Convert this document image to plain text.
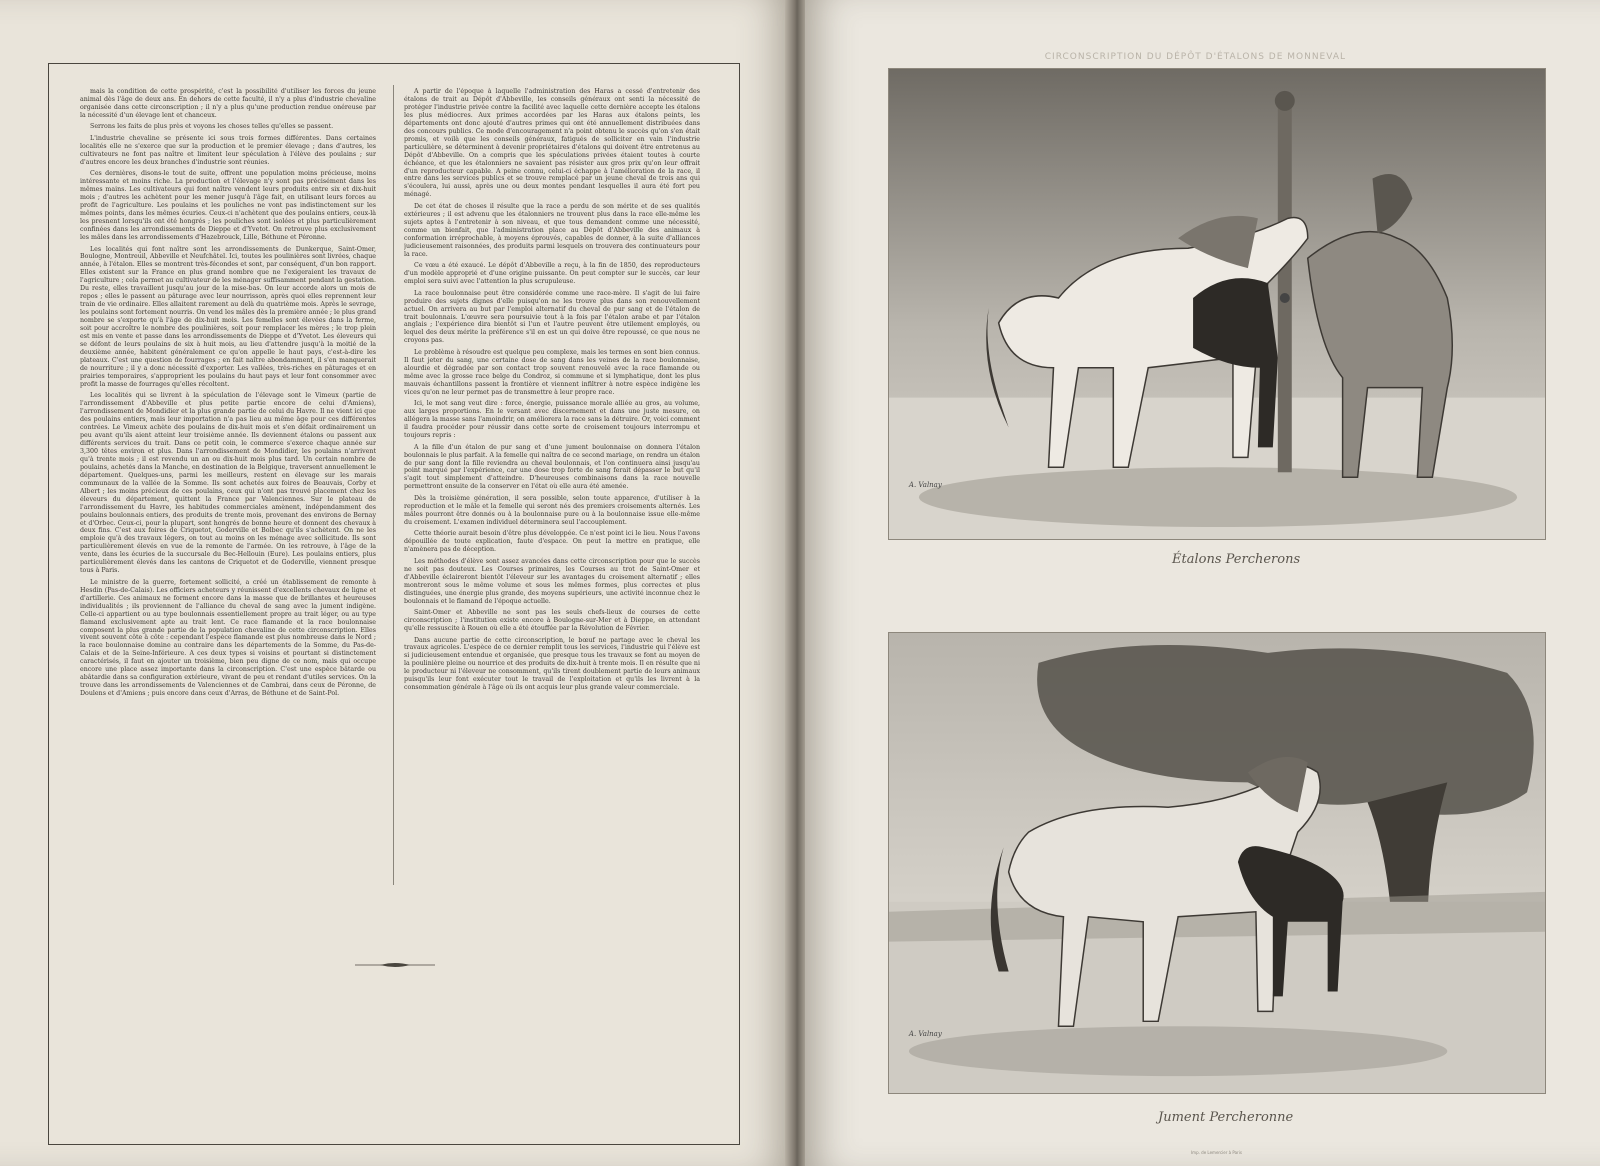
mais la condition de cette prospérité, c'est la possibilité d'utiliser les forces du jeune animal dès l'âge de deux ans. En dehors de cette faculté, il n'y a plus d'industrie chevaline organisée dans cette circonscription ; il n'y a plus qu'une production rendue onéreuse par la nécessité d'un élevage lent et chanceux.

Serrons les faits de plus près et voyons les choses telles qu'elles se passent.

L'industrie chevaline se présente ici sous trois formes différentes. Dans certaines localités elle ne s'exerce que sur la production et le premier élevage ; dans d'autres, les cultivateurs ne font pas naître et limitent leur spéculation à l'élève des poulains ; sur d'autres encore les deux branches d'industrie sont réunies.

Ces dernières, disons-le tout de suite, offrent une population moins précieuse, moins intéressante et moins riche. La production et l'élevage n'y sont pas précisément dans les mêmes mains. Les cultivateurs qui font naître vendent leurs produits entre six et dix-huit mois ; d'autres les achètent pour les mener jusqu'à l'âge fait, en utilisant leurs forces au profit de l'agriculture. Les poulains et les pouliches ne vont pas indistinctement sur les mêmes points, dans les mêmes écuries. Ceux-ci n'achètent que des poulains entiers, ceux-là les presnent lorsqu'ils ont été hongrés ; les pouliches sont isolées et plus particulièrement confinées dans les arrondissements de Dieppe et d'Yvetot. On retrouve plus exclusivement les mâles dans les arrondissements d'Hazebrouck, Lille, Béthune et Péronne.

Les localités qui font naître sont les arrondissements de Dunkerque, Saint-Omer, Boulogne, Montreuil, Abbeville et Neufchâtel. Ici, toutes les poulinières sont livrées, chaque année, à l'étalon. Elles se montrent très-fécondes et sont, par conséquent, d'un bon rapport. Elles existent sur la France en plus grand nombre que ne l'exigeraient les travaux de l'agriculture ; cela permet au cultivateur de les ménager suffisamment pendant la gestation. Du reste, elles travaillent jusqu'au jour de la mise-bas. On leur accorde alors un mois de repos ; elles le passent au pâturage avec leur nourrisson, après quoi elles reprennent leur train de vie ordinaire. Elles allaitent rarement au delà du quatrième mois. Après le sevrage, les poulains sont fortement nourris. On vend les mâles dès la première année ; le plus grand nombre se s'exporte qu'à l'âge de dix-huit mois. Les femelles sont élevées dans la ferme, soit pour accroître le nombre des poulinières, soit pour remplacer les mères ; le trop plein est mis en vente et passe dans les arrondissements de Dieppe et d'Yvetot. Les éleveurs qui se défont de leurs poulains de six à huit mois, au lieu d'attendre jusqu'à la moitié de la deuxième année, habitent généralement ce qu'on appelle le haut pays, c'est-à-dire les plateaux. C'est une question de fourrages ; en fait naître abondamment, il s'en manquerait de nourriture ; il y a donc nécessité d'exporter. Les vallées, très-riches en pâturages et en prairies temporaires, s'approprient les poulains du haut pays et leur font consommer avec profit la masse de fourrages qu'elles récoltent.

Les localités qui se livrent à la spéculation de l'élevage sont le Vimeux (partie de l'arrondissement d'Abbeville et plus petite partie encore de celui d'Amiens), l'arrondissement de Mondidier et la plus grande partie de celui du Havre. Il ne vient ici que des poulains entiers, mais leur importation n'a pas lieu au même âge pour ces différentes contrées. Le Vimeux achète des poulains de dix-huit mois et s'en défait ordinairement un peu avant qu'ils aient atteint leur troisième année. Ils deviennent étalons ou passent aux différents services du trait. Dans ce petit coin, le commerce s'exerce chaque année sur 3,300 têtes environ et plus. Dans l'arrondissement de Mondidier, les poulains n'arrivent qu'à trente mois ; il est revendu un an ou dix-huit mois plus tard. Un certain nombre de poulains, achetés dans la Manche, en destination de la Belgique, traversent annuellement le département. Quelques-uns, parmi les meilleurs, restent en élevage sur les marais communaux de la vallée de la Somme. Ils sont achetés aux foires de Beauvais, Corby et Albert ; les moins précieux de ces poulains, ceux qui n'ont pas trouvé placement chez les éleveurs du département, quittent la France par Valenciennes. Sur le plateau de l'arrondissement du Havre, les habitudes commerciales amènent, indépendamment des poulains boulonnais entiers, des produits de trente mois, provenant des environs de Bernay et d'Orbec. Ceux-ci, pour la plupart, sont hongrés de bonne heure et donnent des chevaux à deux fins. C'est aux foires de Criquetot, Goderville et Bolbec qu'ils s'achètent. On ne les emploie qu'à des travaux légers, on tout au moins on les ménage avec sollicitude. Ils sont particulièrement élevés en vue de la remonte de l'armée. On les retrouve, à l'âge de la vente, dans les écuries de la succursale du Bec-Hellouin (Eure). Les poulains entiers, plus particulièrement élevés dans les cantons de Criquetot et de Goderville, viennent presque tous à Paris.

Le ministre de la guerre, fortement sollicité, a créé un établissement de remonte à Hesdin (Pas-de-Calais). Les officiers acheteurs y réunissent d'excellents chevaux de ligne et d'artillerie. Ces animaux ne forment encore dans la masse que de brillantes et heureuses individualités ; ils proviennent de l'alliance du cheval de sang avec la jument indigène. Celle-ci appartient ou au type boulonnais essentiellement propre au trait léger, ou au type flamand exclusivement apte au trait lent. Ce race flamande et la race boulonnaise composent la plus grande partie de la population chevaline de cette circonscription. Elles vivent souvent côte à côte : cependant l'espèce flamande est plus nombreuse dans le Nord ; la race boulonnaise domine au contraire dans les départements de la Somme, du Pas-de-Calais et de la Seine-Inférieure. A ces deux types si voisins et pourtant si distinctement caractérisés, il faut en ajouter un troisième, bien peu digne de ce nom, mais qui occupe encore une place assez importante dans la circonscription. C'est une espèce bâtarde ou abâtardie dans sa configuration extérieure, vivant de peu et rendant d'utiles services. On la trouve dans les arrondissements de Valenciennes et de Cambrai, dans ceux de Péronne, de Doulens et d'Amiens ; puis encore dans ceux d'Arras, de Béthune et de Saint-Pol.

A partir de l'époque à laquelle l'administration des Haras a cessé d'entretenir des étalons de trait au Dépôt d'Abbeville, les conseils généraux ont senti la nécessité de protéger l'industrie privée contre la facilité avec laquelle cette dernière accepte les étalons les plus médiocres. Aux primes accordées par les Haras aux étalons peints, les départements ont donc ajouté d'autres primes qui ont été annuellement distribuées dans des concours publics. Ce mode d'encouragement n'a point obtenu le succès qu'on s'en était promis, et voilà que les conseils généraux, fatigués de solliciter en vain l'industrie particulière, se déterminent à devenir propriétaires d'étalons qui doivent être entretenus au Dépôt d'Abbeville. On a compris que les spéculations privées étaient toutes à courte échéance, et que les étalonniers ne savaient pas résister aux gros prix qu'on leur offrait d'un reproducteur capable. A peine connu, celui-ci échappe à l'amélioration de la race, il entre dans les services publics et se trouve remplacé par un jeune cheval de trois ans qui s'écoulera, lui aussi, après une ou deux montes pendant lesquelles il aura été fort peu ménagé.

De cet état de choses il résulte que la race a perdu de son mérite et de ses qualités extérieures ; il est advenu que les étalonniers ne trouvent plus dans la race elle-même les sujets aptes à l'entretenir à son niveau, et que tous demandent comme une nécessité, comme un bienfait, que l'administration place au Dépôt d'Abbeville des animaux à conformation irréprochable, à moyens éprouvés, capables de donner, à la suite d'alliances judicieusement raisonnées, des produits parmi lesquels on trouvera des continuateurs pour la race.

Ce vœu a été exaucé. Le dépôt d'Abbeville a reçu, à la fin de 1850, des reproducteurs d'un modèle approprié et d'une origine puissante. On peut compter sur le succès, car leur emploi sera suivi avec l'attention la plus scrupuleuse.

La race boulonnaise peut être considérée comme une race-mère. Il s'agit de lui faire produire des sujets dignes d'elle puisqu'on ne les trouve plus dans son renouvellement actuel. On arrivera au but par l'emploi alternatif du cheval de pur sang et de l'étalon de trait boulonnais. L'œuvre sera poursuivie tout à la fois par l'étalon arabe et par l'étalon anglais ; l'expérience dira bientôt si l'un et l'autre peuvent être utilement employés, ou lequel des deux mérite la préférence s'il en est un qui doive être repoussé, ce que nous ne croyons pas.

Le problème à résoudre est quelque peu complexe, mais les termes en sont bien connus. Il faut jeter du sang, une certaine dose de sang dans les veines de la race boulonnaise, alourdie et dégradée par son contact trop souvent renouvelé avec la race flamande ou même avec la grosse race belge du Condroz, si commune et si lymphatique, dont les plus mauvais échantillons passent la frontière et viennent infiltrer à notre espèce indigène les vices qu'on ne leur permet pas de transmettre à leur propre race.

Ici, le mot sang veut dire : force, énergie, puissance morale alliée au gros, au volume, aux larges proportions. En le versant avec discernement et dans une juste mesure, on allégera la masse sans l'amoindrir, on améliorera la race sans la détruire. Or, voici comment il faudra procéder pour réussir dans cette sorte de croisement toujours interrompu et toujours repris :

A la fille d'un étalon de pur sang et d'une jument boulonnaise on donnera l'étalon boulonnais le plus parfait. A la femelle qui naîtra de ce second mariage, on rendra un étalon de pur sang dont la fille reviendra au cheval boulonnais, et l'on continuera ainsi jusqu'au point marqué par l'expérience, car une dose trop forte de sang ferait dépasser le but qu'il s'agit tout simplement d'atteindre. D'heureuses combinaisons dans la race nouvelle permettront ensuite de la conserver en l'état où elle aura été amenée.

Dès la troisième génération, il sera possible, selon toute apparence, d'utiliser à la reproduction et le mâle et la femelle qui seront nés des premiers croisements alternés. Les mâles pourront être donnés ou à la boulonnaise pure ou à la boulonnaise issue elle-même du croisement. L'examen individuel déterminera seul l'accouplement.

Cette théorie aurait besoin d'être plus développée. Ce n'est point ici le lieu. Nous l'avons dépouillée de toute explication, faute d'espace. On peut la mettre en pratique, elle n'amènera pas de déception.

Les méthodes d'élève sont assez avancées dans cette circonscription pour que le succès ne soit pas douteux. Les Courses primaires, les Courses au trot de Saint-Omer et d'Abbeville éclaireront bientôt l'éleveur sur les avantages du croisement alternatif ; elles montreront sous le même volume et sous les mêmes formes, plus correctes et plus distinguées, une énergie plus grande, des moyens supérieurs, une activité inconnue chez le boulonnais et le flamand de l'époque actuelle.

Saint-Omer et Abbeville ne sont pas les seuls chefs-lieux de courses de cette circonscription ; l'institution existe encore à Boulogne-sur-Mer et à Dieppe, en attendant qu'elle ressuscite à Rouen où elle a été étouffée par la Révolution de Février.

Dans aucune partie de cette circonscription, le bœuf ne partage avec le cheval les travaux agricoles. L'espèce de ce dernier remplit tous les services, l'industrie qui l'élève est si judicieusement entendue et organisée, que presque tous les travaux se font au moyen de la poulinière pleine ou nourrice et des produits de dix-huit à trente mois. Il en résulte que ni le producteur ni l'éleveur ne consomment, qu'ils tirent doublement partie de leurs animaux puisqu'ils leur font exécuter tout le travail de l'exploitation et qu'ils les livrent à la consommation générale à l'âge où ils ont acquis leur plus grande valeur commerciale.

CIRCONSCRIPTION DU DÉPÔT D'ÉTALONS DE MONNEVAL
A. Valnay
Étalons Percherons
A. Valnay
Jument Percheronne
Imp. de Lemercier à Paris
